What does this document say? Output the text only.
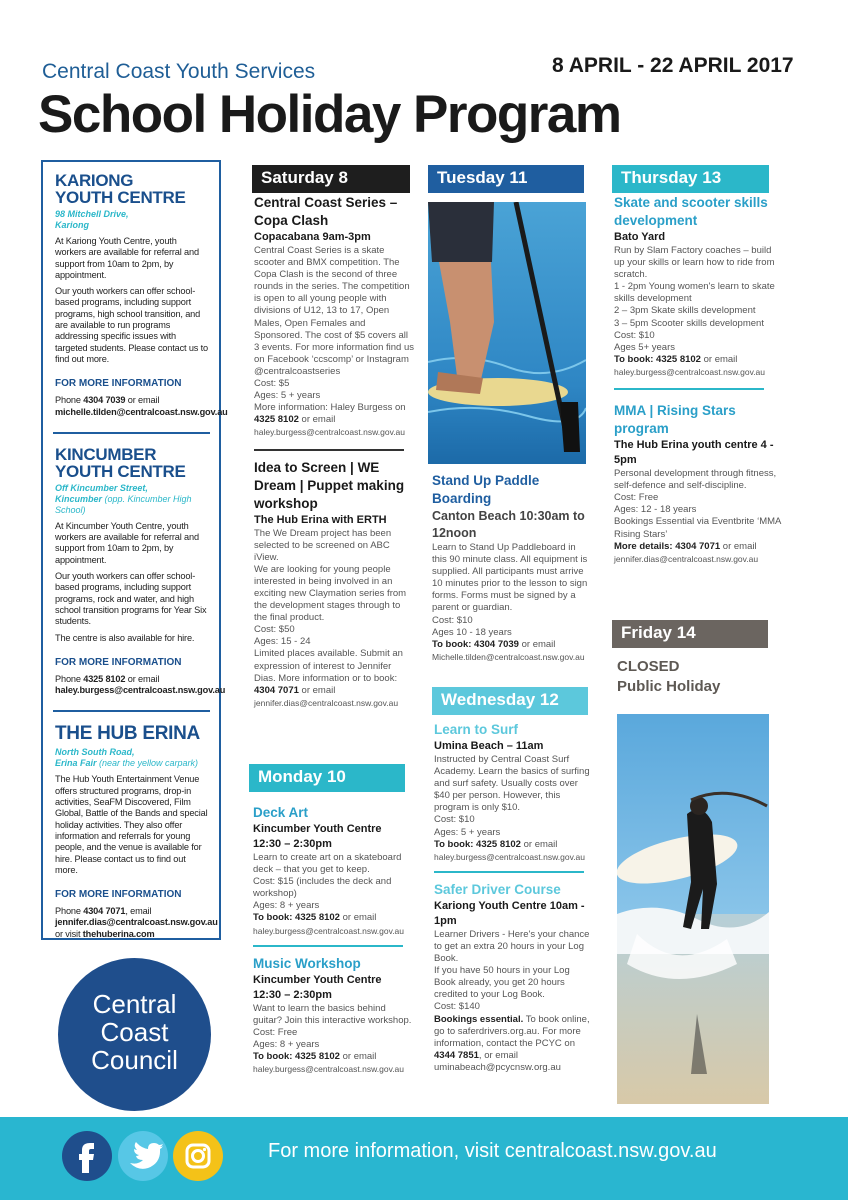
Central Coast Youth Services	8 APRIL - 22 APRIL 2017
School Holiday Program
KARIONG
YOUTH CENTRE
98 Mitchell Drive,
Kariong
At Kariong Youth Centre, youth workers are available for referral and support from 10am to 2pm, by appointment.
Our youth workers can offer school-based programs, including support programs, high school transition, and are available to run programs addressing specific issues with targeted students. Please contact us to find out more.
FOR MORE INFORMATION
Phone 4304 7039 or email
michelle.tilden@centralcoast.nsw.gov.au
KINCUMBER
YOUTH CENTRE
Off Kincumber Street,
Kincumber (opp. Kincumber High School)
At Kincumber Youth Centre, youth workers are available for referral and support from 10am to 2pm, by appointment.
Our youth workers can offer school-based programs, including support programs, rock and water, and high school transition programs for Year Six students.
The centre is also available for hire.
FOR MORE INFORMATION
Phone 4325 8102 or email
haley.burgess@centralcoast.nsw.gov.au
THE HUB ERINA
North South Road,
Erina Fair (near the yellow carpark)
The Hub Youth Entertainment Venue offers structured programs, drop-in activities, SeaFM Discovered, Film Global, Battle of the Bands and special holiday activities. They also offer information and referrals for young people, and the venue is available for hire. Please contact us to find out more.
FOR MORE INFORMATION
Phone 4304 7071, email
jennifer.dias@centralcoast.nsw.gov.au
or visit thehuberina.com
Central
Coast
Council
Saturday 8
Central Coast Series – Copa Clash
Copacabana 9am-3pm
Central Coast Series is a skate scooter and BMX competition. The Copa Clash is the second of three rounds in the series. The competition is open to all young people with divisions of U12, 13 to 17, Open Males, Open Females and Sponsored. The cost of $5 covers all 3 events. For more information find us on Facebook ‘ccscomp’ or Instagram @centralcoastseries
Cost: $5
Ages: 5 + years
More information: Haley Burgess on 4325 8102 or email
haley.burgess@centralcoast.nsw.gov.au
Idea to Screen | WE Dream | Puppet making workshop
The Hub Erina with ERTH
The We Dream project has been selected to be screened on ABC iView.
We are looking for young people interested in being involved in an exciting new Claymation series from the development stages through to the final product.
Cost: $50
Ages: 15 - 24
Limited places available. Submit an expression of interest to Jennifer Dias. More information or to book:
4304 7071 or email
jennifer.dias@centralcoast.nsw.gov.au
Monday 10
Deck Art
Kincumber Youth Centre
12:30 – 2:30pm
Learn to create art on a skateboard deck – that you get to keep.
Cost: $15 (includes the deck and workshop)
Ages: 8 + years
To book: 4325 8102 or email
haley.burgess@centralcoast.nsw.gov.au
Music Workshop
Kincumber Youth Centre
12:30 – 2:30pm
Want to learn the basics behind guitar? Join this interactive workshop.
Cost: Free
Ages: 8 + years
To book: 4325 8102 or email
haley.burgess@centralcoast.nsw.gov.au
Tuesday 11
Stand Up Paddle Boarding
Canton Beach 10:30am to 12noon
Learn to Stand Up Paddleboard in this 90 minute class. All equipment is supplied. All participants must arrive 10 minutes prior to the lesson to sign forms. Forms must be signed by a parent or guardian.
Cost: $10
Ages 10 - 18 years
To book: 4304 7039 or email
Michelle.tilden@centralcoast.nsw.gov.au
Wednesday 12
Learn to Surf
Umina Beach – 11am
Instructed by Central Coast Surf Academy. Learn the basics of surfing and surf safety. Usually costs over $40 per person. However, this program is only $10.
Cost: $10
Ages: 5 + years
To book: 4325 8102 or email
haley.burgess@centralcoast.nsw.gov.au
Safer Driver Course
Kariong Youth Centre 10am - 1pm
Learner Drivers - Here's your chance to get an extra 20 hours in your Log Book.
If you have 50 hours in your Log Book already, you get 20 hours credited to your Log Book.
Cost: $140
Bookings essential. To book online, go to saferdrivers.org.au. For more information, contact the PCYC on 4344 7851, or email
uminabeach@pcycnsw.org.au
Thursday 13
Skate and scooter skills development
Bato Yard
Run by Slam Factory coaches – build up your skills or learn how to ride from scratch.
1 - 2pm Young women's learn to skate skills development
2 – 3pm Skate skills development
3 – 5pm Scooter skills development
Cost: $10
Ages 5+ years
To book: 4325 8102 or email
haley.burgess@centralcoast.nsw.gov.au
MMA | Rising Stars program
The Hub Erina youth centre 4 - 5pm
Personal development through fitness, self-defence and self-discipline.
Cost: Free
Ages: 12 - 18 years
Bookings Essential via Eventbrite ‘MMA Rising Stars’
More details: 4304 7071 or email
jennifer.dias@centralcoast.nsw.gov.au
Friday 14
CLOSED
Public Holiday
For more information, visit centralcoast.nsw.gov.au
